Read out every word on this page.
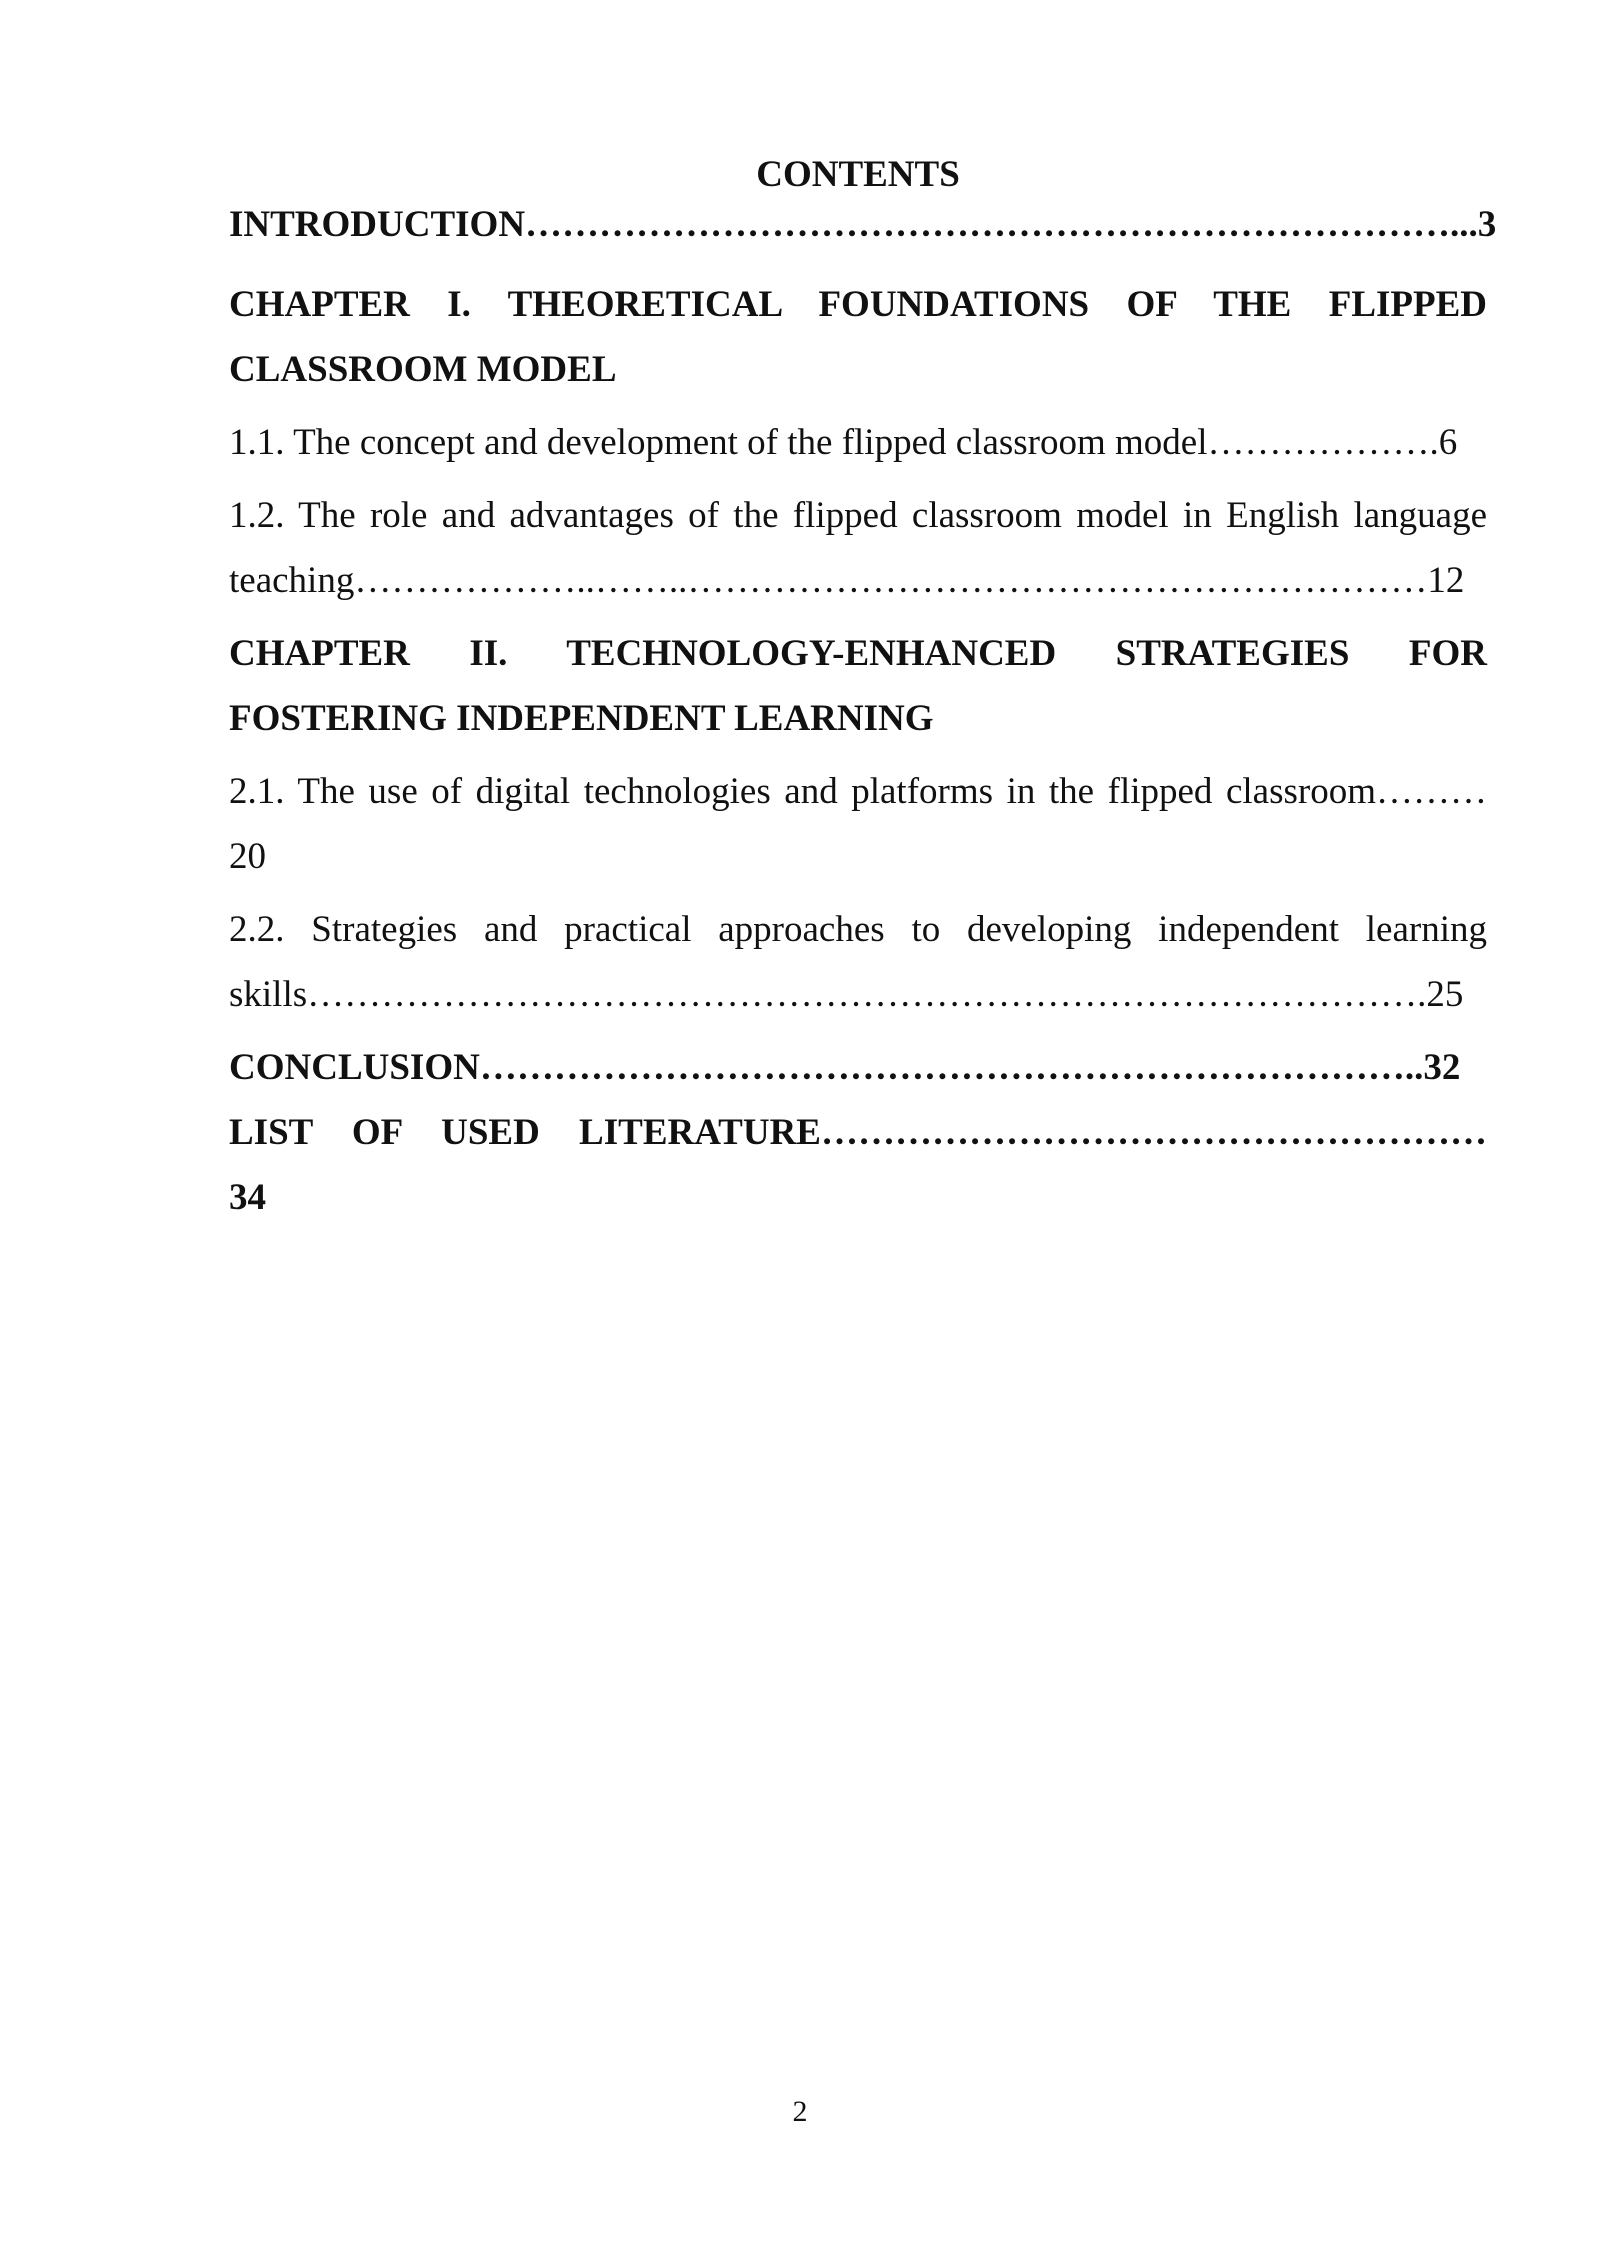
CONTENTS

INTRODUCTION…………………………………………………………………...3

CHAPTER I. THEORETICAL FOUNDATIONS OF THE FLIPPED

CLASSROOM MODEL

1.1. The concept and development of the flipped classroom model……………….6

1.2. The role and advantages of the flipped classroom model in English language

teaching………………..……..……………………………………………………12

CHAPTER II. TECHNOLOGY-ENHANCED STRATEGIES FOR

FOSTERING INDEPENDENT LEARNING

2.1. The use of digital technologies and platforms in the flipped classroom………

20

2.2. Strategies and practical approaches to developing independent learning

skills……………………………………………………………………………….25

CONCLUSION…………………………………………………………………..32

LIST OF USED LITERATURE………………………………………………

34

2
